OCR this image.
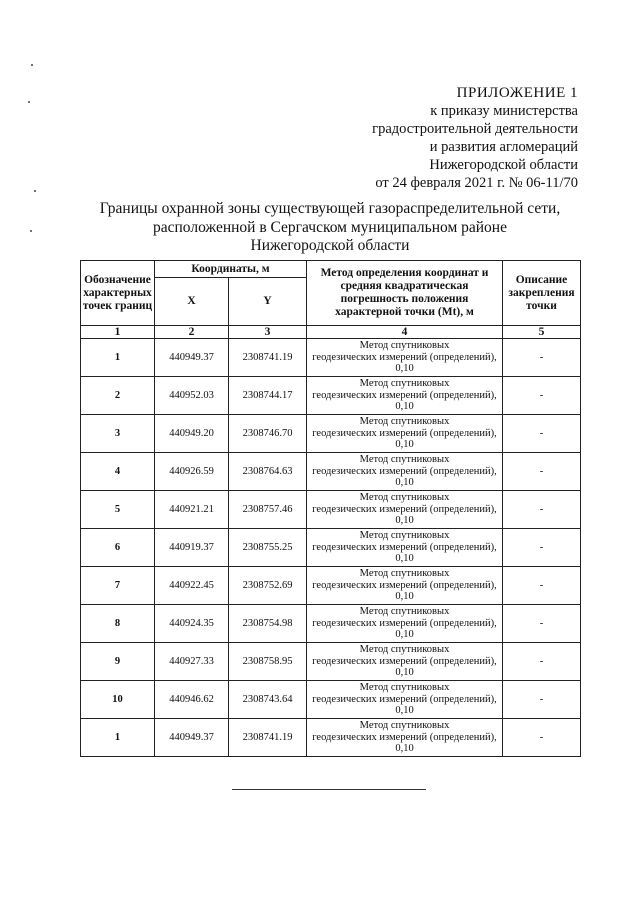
ПРИЛОЖЕНИЕ 1
к приказу министерства
градостроительной деятельности
и развития агломераций
Нижегородской области
от 24 февраля 2021 г. № 06-11/70
Границы охранной зоны существующей газораспределительной сети,
расположенной в Сергачском муниципальном районе
Нижегородской области
Обозначение характерных точек границ	Координаты, м		Метод определения координат и средняя квадратическая погрешность положения характерной точки (Mt), м	Описание закрепления точки
	X	Y		
1	2	3	4	5
1	440949.37	2308741.19	Метод спутниковых
геодезических измерений (определений),
0,10	-
2	440952.03	2308744.17	Метод спутниковых
геодезических измерений (определений),
0,10	-
3	440949.20	2308746.70	Метод спутниковых
геодезических измерений (определений),
0,10	-
4	440926.59	2308764.63	Метод спутниковых
геодезических измерений (определений),
0,10	-
5	440921.21	2308757.46	Метод спутниковых
геодезических измерений (определений),
0,10	-
6	440919.37	2308755.25	Метод спутниковых
геодезических измерений (определений),
0,10	-
7	440922.45	2308752.69	Метод спутниковых
геодезических измерений (определений),
0,10	-
8	440924.35	2308754.98	Метод спутниковых
геодезических измерений (определений),
0,10	-
9	440927.33	2308758.95	Метод спутниковых
геодезических измерений (определений),
0,10	-
10	440946.62	2308743.64	Метод спутниковых
геодезических измерений (определений),
0,10	-
1	440949.37	2308741.19	Метод спутниковых
геодезических измерений (определений),
0,10	-
